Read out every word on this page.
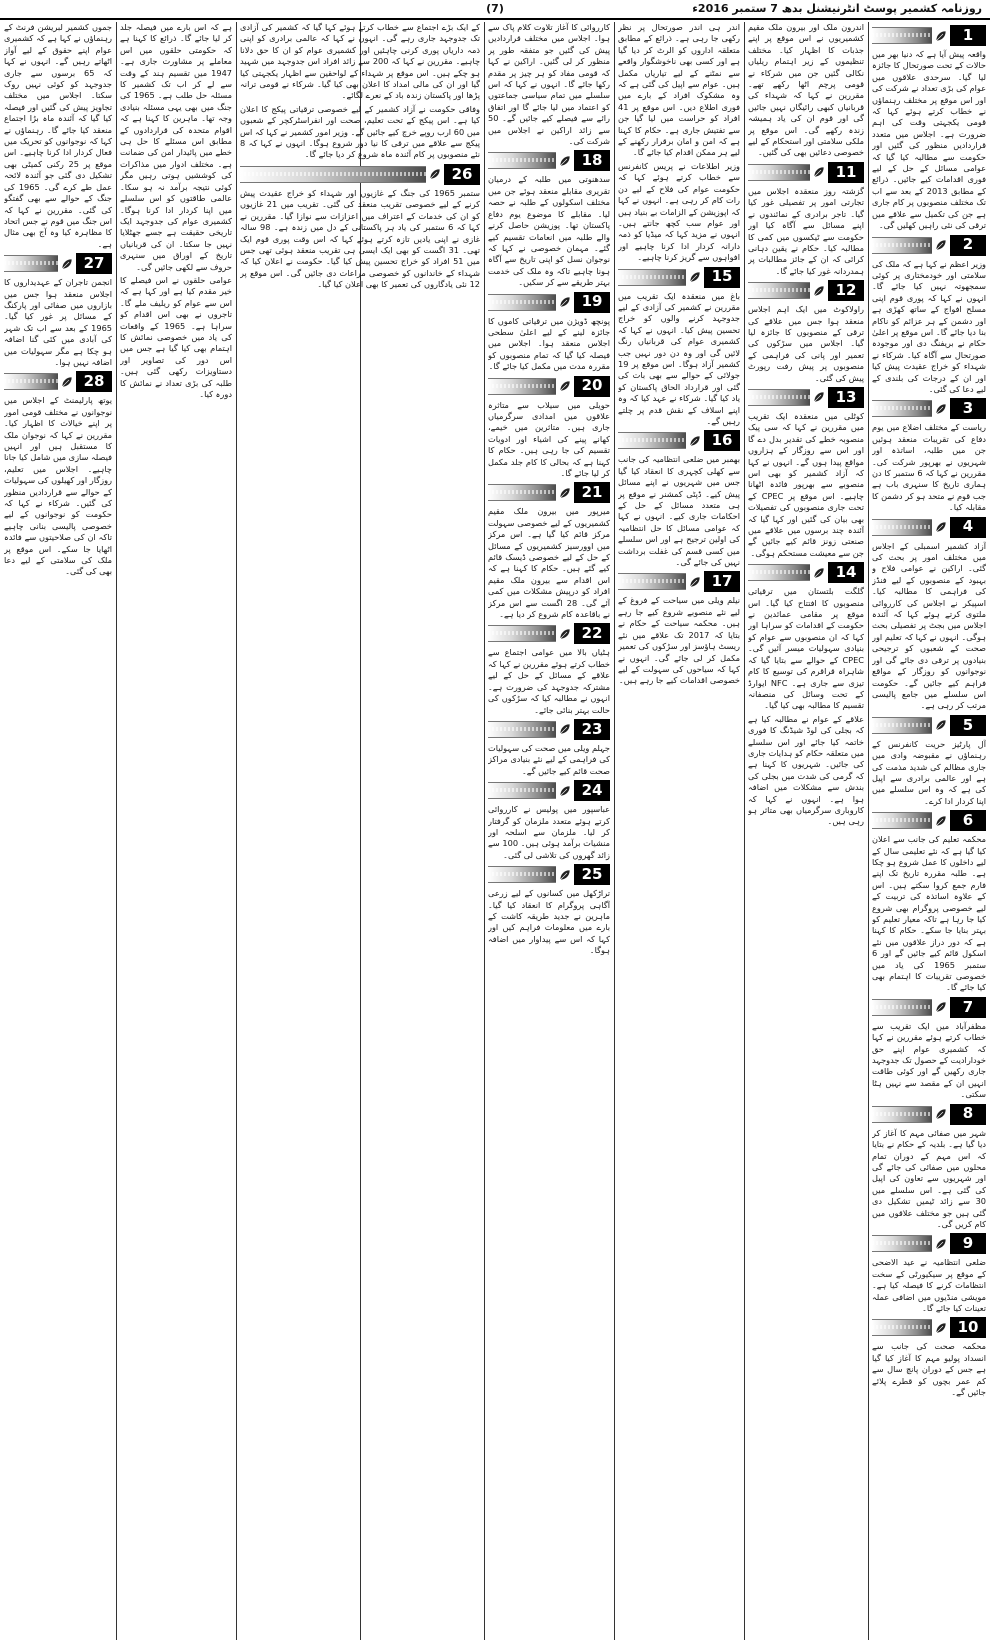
(7)	روزنامہ کشمیر پوسٹ انٹرنیشنل بدھ 7 ستمبر 2016ء
1

واقعہ پیش آیا ہے کہ دنیا بھر میں حالات کے تحت صورتحال کا جائزہ لیا گیا۔ سرحدی علاقوں میں عوام کی بڑی تعداد نے شرکت کی اور اس موقع پر مختلف رہنماؤں نے خطاب کرتے ہوئے کہا کہ قومی یکجہتی وقت کی اہم ضرورت ہے۔ اجلاس میں متعدد قراردادیں منظور کی گئیں اور حکومت سے مطالبہ کیا گیا کہ عوامی مسائل کے حل کے لیے فوری اقدامات کیے جائیں۔ ذرائع کے مطابق 2013 کے بعد سے اب تک مختلف منصوبوں پر کام جاری ہے جن کی تکمیل سے علاقے میں ترقی کی نئی راہیں کھلیں گی۔

2

وزیر اعظم نے کہا ہے کہ ملک کی سلامتی اور خودمختاری پر کوئی سمجھوتہ نہیں کیا جائے گا۔ انہوں نے کہا کہ پوری قوم اپنی مسلح افواج کے ساتھ کھڑی ہے اور دشمن کے ہر عزائم کو ناکام بنا دیا جائے گا۔ اس موقع پر اعلیٰ حکام نے بریفنگ دی اور موجودہ صورتحال سے آگاہ کیا۔ شرکاء نے شہداء کو خراج عقیدت پیش کیا اور ان کے درجات کی بلندی کے لیے دعا کی گئی۔

3

ریاست کے مختلف اضلاع میں یوم دفاع کی تقریبات منعقد ہوئیں جن میں طلبہ، اساتذہ اور شہریوں نے بھرپور شرکت کی۔ مقررین نے کہا کہ 6 ستمبر کا دن ہماری تاریخ کا سنہری باب ہے جب قوم نے متحد ہو کر دشمن کا مقابلہ کیا۔

4

آزاد کشمیر اسمبلی کے اجلاس میں مختلف امور پر بحث کی گئی۔ اراکین نے عوامی فلاح و بہبود کے منصوبوں کے لیے فنڈز کی فراہمی کا مطالبہ کیا۔ اسپیکر نے اجلاس کی کارروائی ملتوی کرتے ہوئے کہا کہ آئندہ اجلاس میں بجٹ پر تفصیلی بحث ہوگی۔ انہوں نے کہا کہ تعلیم اور صحت کے شعبوں کو ترجیحی بنیادوں پر ترقی دی جائے گی اور نوجوانوں کو روزگار کے مواقع فراہم کیے جائیں گے۔ حکومت اس سلسلے میں جامع پالیسی مرتب کر رہی ہے۔

5

آل پارٹیز حریت کانفرنس کے رہنماؤں نے مقبوضہ وادی میں جاری مظالم کی شدید مذمت کی ہے اور عالمی برادری سے اپیل کی ہے کہ وہ اس سلسلے میں اپنا کردار ادا کرے۔

6

محکمہ تعلیم کی جانب سے اعلان کیا گیا ہے کہ نئے تعلیمی سال کے لیے داخلوں کا عمل شروع ہو چکا ہے۔ طلبہ مقررہ تاریخ تک اپنے فارم جمع کروا سکتے ہیں۔ اس کے علاوہ اساتذہ کی تربیت کے لیے خصوصی پروگرام بھی شروع کیا جا رہا ہے تاکہ معیار تعلیم کو بہتر بنایا جا سکے۔ حکام کا کہنا ہے کہ دور دراز علاقوں میں نئے اسکول قائم کیے جائیں گے اور 6 ستمبر 1965 کی یاد میں خصوصی تقریبات کا اہتمام بھی کیا جائے گا۔

7

مظفرآباد میں ایک تقریب سے خطاب کرتے ہوئے مقررین نے کہا کہ کشمیری عوام اپنے حق خودارادیت کے حصول تک جدوجہد جاری رکھیں گے اور کوئی طاقت انہیں ان کے مقصد سے نہیں ہٹا سکتی۔

8

شہر میں صفائی مہم کا آغاز کر دیا گیا ہے۔ بلدیہ کے حکام نے بتایا کہ اس مہم کے دوران تمام محلوں میں صفائی کی جائے گی اور شہریوں سے تعاون کی اپیل کی گئی ہے۔ اس سلسلے میں 30 سے زائد ٹیمیں تشکیل دی گئی ہیں جو مختلف علاقوں میں کام کریں گی۔

9

ضلعی انتظامیہ نے عید الاضحی کے موقع پر سیکیورٹی کے سخت انتظامات کرنے کا فیصلہ کیا ہے۔ مویشی منڈیوں میں اضافی عملہ تعینات کیا جائے گا۔

10

محکمہ صحت کی جانب سے انسداد پولیو مہم کا آغاز کیا گیا ہے جس کے دوران پانچ سال سے کم عمر بچوں کو قطرے پلائے جائیں گے۔

اندرون ملک اور بیرون ملک مقیم کشمیریوں نے اس موقع پر اپنے جذبات کا اظہار کیا۔ مختلف تنظیموں کے زیر اہتمام ریلیاں نکالی گئیں جن میں شرکاء نے قومی پرچم اٹھا رکھے تھے۔ مقررین نے کہا کہ شہداء کی قربانیاں کبھی رائیگاں نہیں جائیں گی اور قوم ان کی یاد ہمیشہ زندہ رکھے گی۔ اس موقع پر ملکی سلامتی اور استحکام کے لیے خصوصی دعائیں بھی کی گئیں۔

11

گزشتہ روز منعقدہ اجلاس میں تجارتی امور پر تفصیلی غور کیا گیا۔ تاجر برادری کے نمائندوں نے اپنے مسائل سے آگاہ کیا اور حکومت سے ٹیکسوں میں کمی کا مطالبہ کیا۔ حکام نے یقین دہانی کرائی کہ ان کے جائز مطالبات پر ہمدردانہ غور کیا جائے گا۔

12

راولاکوٹ میں ایک اہم اجلاس منعقد ہوا جس میں علاقے کی ترقی کے منصوبوں کا جائزہ لیا گیا۔ اجلاس میں سڑکوں کی تعمیر اور پانی کی فراہمی کے منصوبوں پر پیش رفت رپورٹ پیش کی گئی۔

13

کوٹلی میں منعقدہ ایک تقریب میں مقررین نے کہا کہ سی پیک منصوبہ خطے کی تقدیر بدل دے گا اور اس سے روزگار کے ہزاروں مواقع پیدا ہوں گے۔ انہوں نے کہا کہ آزاد کشمیر کو بھی اس منصوبے سے بھرپور فائدہ اٹھانا چاہیے۔ اس موقع پر CPEC کے تحت جاری منصوبوں کی تفصیلات بھی بیان کی گئیں اور کہا گیا کہ آئندہ چند برسوں میں علاقے میں صنعتی زونز قائم کیے جائیں گے جن سے معیشت مستحکم ہوگی۔

14

گلگت بلتستان میں ترقیاتی منصوبوں کا افتتاح کیا گیا۔ اس موقع پر مقامی عمائدین نے حکومت کے اقدامات کو سراہا اور کہا کہ ان منصوبوں سے عوام کو بنیادی سہولیات میسر آئیں گی۔ CPEC کے حوالے سے بتایا گیا کہ شاہراہ قراقرم کی توسیع کا کام تیزی سے جاری ہے۔ NFC ایوارڈ کے تحت وسائل کی منصفانہ تقسیم کا مطالبہ بھی کیا گیا۔

علاقے کے عوام نے مطالبہ کیا ہے کہ بجلی کی لوڈ شیڈنگ کا فوری خاتمہ کیا جائے اور اس سلسلے میں متعلقہ حکام کو ہدایات جاری کی جائیں۔ شہریوں کا کہنا ہے کہ گرمی کی شدت میں بجلی کی بندش سے مشکلات میں اضافہ ہوا ہے۔ انہوں نے کہا کہ کاروباری سرگرمیاں بھی متاثر ہو رہی ہیں۔

اندر ہی اندر صورتحال پر نظر رکھی جا رہی ہے۔ ذرائع کے مطابق متعلقہ اداروں کو الرٹ کر دیا گیا ہے اور کسی بھی ناخوشگوار واقعے سے نمٹنے کے لیے تیاریاں مکمل ہیں۔ عوام سے اپیل کی گئی ہے کہ وہ مشکوک افراد کے بارے میں فوری اطلاع دیں۔ اس موقع پر 41 افراد کو حراست میں لیا گیا جن سے تفتیش جاری ہے۔ حکام کا کہنا ہے کہ امن و امان برقرار رکھنے کے لیے ہر ممکن اقدام کیا جائے گا۔

وزیر اطلاعات نے پریس کانفرنس سے خطاب کرتے ہوئے کہا کہ حکومت عوام کی فلاح کے لیے دن رات کام کر رہی ہے۔ انہوں نے کہا کہ اپوزیشن کے الزامات بے بنیاد ہیں اور عوام سب کچھ جانتے ہیں۔ انہوں نے مزید کہا کہ میڈیا کو ذمہ دارانہ کردار ادا کرنا چاہیے اور افواہوں سے گریز کرنا چاہیے۔

15

باغ میں منعقدہ ایک تقریب میں مقررین نے کشمیر کی آزادی کے لیے جدوجہد کرنے والوں کو خراج تحسین پیش کیا۔ انہوں نے کہا کہ کشمیری عوام کی قربانیاں رنگ لائیں گی اور وہ دن دور نہیں جب کشمیر آزاد ہوگا۔ اس موقع پر 19 جولائی کے حوالے سے بھی بات کی گئی اور قرارداد الحاق پاکستان کو یاد کیا گیا۔ شرکاء نے عہد کیا کہ وہ اپنے اسلاف کے نقش قدم پر چلتے رہیں گے۔

16

بھمبر میں ضلعی انتظامیہ کی جانب سے کھلی کچہری کا انعقاد کیا گیا جس میں شہریوں نے اپنے مسائل پیش کیے۔ ڈپٹی کمشنر نے موقع پر ہی متعدد مسائل کے حل کے احکامات جاری کیے۔ انہوں نے کہا کہ عوامی مسائل کا حل انتظامیہ کی اولین ترجیح ہے اور اس سلسلے میں کسی قسم کی غفلت برداشت نہیں کی جائے گی۔

17

نیلم ویلی میں سیاحت کے فروغ کے لیے نئے منصوبے شروع کیے جا رہے ہیں۔ محکمہ سیاحت کے حکام نے بتایا کہ 2017 تک علاقے میں نئے ریسٹ ہاؤسز اور سڑکوں کی تعمیر مکمل کر لی جائے گی۔ انہوں نے کہا کہ سیاحوں کی سہولت کے لیے خصوصی اقدامات کیے جا رہے ہیں۔

کارروائی کا آغاز تلاوت کلام پاک سے ہوا۔ اجلاس میں مختلف قراردادیں پیش کی گئیں جو متفقہ طور پر منظور کر لی گئیں۔ اراکین نے کہا کہ قومی مفاد کو ہر چیز پر مقدم رکھا جائے گا۔ انہوں نے کہا کہ اس سلسلے میں تمام سیاسی جماعتوں کو اعتماد میں لیا جائے گا اور اتفاق رائے سے فیصلے کیے جائیں گے۔ 50 سے زائد اراکین نے اجلاس میں شرکت کی۔

18

سدھنوتی میں طلبہ کے درمیان تقریری مقابلے منعقد ہوئے جن میں مختلف اسکولوں کے طلبہ نے حصہ لیا۔ مقابلے کا موضوع یوم دفاع پاکستان تھا۔ پوزیشن حاصل کرنے والے طلبہ میں انعامات تقسیم کیے گئے۔ مہمان خصوصی نے کہا کہ نوجوان نسل کو اپنی تاریخ سے آگاہ ہونا چاہیے تاکہ وہ ملک کی خدمت بہتر طریقے سے کر سکیں۔

19

پونچھ ڈویژن میں ترقیاتی کاموں کا جائزہ لینے کے لیے اعلیٰ سطحی اجلاس منعقد ہوا۔ اجلاس میں فیصلہ کیا گیا کہ تمام منصوبوں کو مقررہ مدت میں مکمل کیا جائے گا۔

20

حویلی میں سیلاب سے متاثرہ علاقوں میں امدادی سرگرمیاں جاری ہیں۔ متاثرین میں خیمے، کھانے پینے کی اشیاء اور ادویات تقسیم کی جا رہی ہیں۔ حکام کا کہنا ہے کہ بحالی کا کام جلد مکمل کر لیا جائے گا۔

21

میرپور میں بیرون ملک مقیم کشمیریوں کے لیے خصوصی سہولت مرکز قائم کیا گیا ہے۔ اس مرکز میں اوورسیز کشمیریوں کے مسائل کے حل کے لیے خصوصی ڈیسک قائم کیے گئے ہیں۔ حکام کا کہنا ہے کہ اس اقدام سے بیرون ملک مقیم افراد کو درپیش مشکلات میں کمی آئے گی۔ 28 اگست سے اس مرکز نے باقاعدہ کام شروع کر دیا ہے۔

22

ہٹیاں بالا میں عوامی اجتماع سے خطاب کرتے ہوئے مقررین نے کہا کہ علاقے کے مسائل کے حل کے لیے مشترکہ جدوجہد کی ضرورت ہے۔ انہوں نے مطالبہ کیا کہ سڑکوں کی حالت بہتر بنائی جائے۔

23

جہلم ویلی میں صحت کی سہولیات کی فراہمی کے لیے نئے بنیادی مراکز صحت قائم کیے جائیں گے۔

24

عباسپور میں پولیس نے کارروائی کرتے ہوئے متعدد ملزمان کو گرفتار کر لیا۔ ملزمان سے اسلحہ اور منشیات برآمد ہوئی ہیں۔ 100 سے زائد گھروں کی تلاشی لی گئی۔

25

تراڑکھل میں کسانوں کے لیے زرعی آگاہی پروگرام کا انعقاد کیا گیا۔ ماہرین نے جدید طریقہ کاشت کے بارے میں معلومات فراہم کیں اور کہا کہ اس سے پیداوار میں اضافہ ہوگا۔

کے ایک بڑے اجتماع سے خطاب کرتے ہوئے کہا گیا کہ کشمیر کی آزادی تک جدوجہد جاری رہے گی۔ انہوں نے کہا کہ عالمی برادری کو اپنی ذمہ داریاں پوری کرنی چاہئیں اور کشمیری عوام کو ان کا حق دلانا چاہیے۔ مقررین نے کہا کہ 200 سے زائد افراد اس جدوجہد میں شہید ہو چکے ہیں۔ اس موقع پر شہداء کے لواحقین سے اظہار یکجہتی کیا گیا اور ان کی مالی امداد کا اعلان بھی کیا گیا۔ شرکاء نے قومی ترانہ پڑھا اور پاکستان زندہ باد کے نعرے لگائے۔

وفاقی حکومت نے آزاد کشمیر کے لیے خصوصی ترقیاتی پیکج کا اعلان کیا ہے۔ اس پیکج کے تحت تعلیم، صحت اور انفراسٹرکچر کے شعبوں میں 60 ارب روپے خرچ کیے جائیں گے۔ وزیر امور کشمیر نے کہا کہ اس پیکج سے علاقے میں ترقی کا نیا دور شروع ہوگا۔ انہوں نے کہا کہ 8 نئے منصوبوں پر کام آئندہ ماہ شروع کر دیا جائے گا۔

26

ستمبر 1965 کی جنگ کے غازیوں اور شہداء کو خراج عقیدت پیش کرنے کے لیے خصوصی تقریب منعقد کی گئی۔ تقریب میں 21 غازیوں کو ان کی خدمات کے اعتراف میں اعزازات سے نوازا گیا۔ مقررین نے کہا کہ 6 ستمبر کی یاد ہر پاکستانی کے دل میں زندہ ہے۔ 98 سالہ غازی نے اپنی یادیں تازہ کرتے ہوئے کہا کہ اس وقت پوری قوم ایک تھی۔ 31 اگست کو بھی ایک ایسی ہی تقریب منعقد ہوئی تھی جس میں 51 افراد کو خراج تحسین پیش کیا گیا۔ حکومت نے اعلان کیا کہ شہداء کے خاندانوں کو خصوصی مراعات دی جائیں گی۔ اس موقع پر 12 نئی یادگاروں کی تعمیر کا بھی اعلان کیا گیا۔

ہے کہ اس بارے میں فیصلہ جلد کر لیا جائے گا۔ ذرائع کا کہنا ہے کہ حکومتی حلقوں میں اس معاملے پر مشاورت جاری ہے۔ 1947 میں تقسیم ہند کے وقت سے لے کر اب تک کشمیر کا مسئلہ حل طلب ہے۔ 1965 کی جنگ میں بھی یہی مسئلہ بنیادی وجہ تھا۔ ماہرین کا کہنا ہے کہ اقوام متحدہ کی قراردادوں کے مطابق اس مسئلے کا حل ہی خطے میں پائیدار امن کی ضمانت ہے۔ مختلف ادوار میں مذاکرات کی کوششیں ہوتی رہیں مگر کوئی نتیجہ برآمد نہ ہو سکا۔ عالمی طاقتوں کو اس سلسلے میں اپنا کردار ادا کرنا ہوگا۔ کشمیری عوام کی جدوجہد ایک تاریخی حقیقت ہے جسے جھٹلایا نہیں جا سکتا۔ ان کی قربانیاں تاریخ کے اوراق میں سنہری حروف سے لکھی جائیں گی۔

عوامی حلقوں نے اس فیصلے کا خیر مقدم کیا ہے اور کہا ہے کہ اس سے عوام کو ریلیف ملے گا۔ تاجروں نے بھی اس اقدام کو سراہا ہے۔ 1965 کے واقعات کی یاد میں خصوصی نمائش کا اہتمام بھی کیا گیا ہے جس میں اس دور کی تصاویر اور دستاویزات رکھی گئی ہیں۔ طلبہ کی بڑی تعداد نے نمائش کا دورہ کیا۔

جموں کشمیر لبریشن فرنٹ کے رہنماؤں نے کہا ہے کہ کشمیری عوام اپنے حقوق کے لیے آواز اٹھاتے رہیں گے۔ انہوں نے کہا کہ 65 برسوں سے جاری جدوجہد کو کوئی نہیں روک سکتا۔ اجلاس میں مختلف تجاویز پیش کی گئیں اور فیصلہ کیا گیا کہ آئندہ ماہ بڑا اجتماع منعقد کیا جائے گا۔ رہنماؤں نے کہا کہ نوجوانوں کو تحریک میں فعال کردار ادا کرنا چاہیے۔ اس موقع پر 25 رکنی کمیٹی بھی تشکیل دی گئی جو آئندہ لائحہ عمل طے کرے گی۔ 1965 کی جنگ کے حوالے سے بھی گفتگو کی گئی۔ مقررین نے کہا کہ اس جنگ میں قوم نے جس اتحاد کا مظاہرہ کیا وہ آج بھی مثال ہے۔

27

انجمن تاجران کے عہدیداروں کا اجلاس منعقد ہوا جس میں بازاروں میں صفائی اور پارکنگ کے مسائل پر غور کیا گیا۔ 1965 کے بعد سے اب تک شہر کی آبادی میں کئی گنا اضافہ ہو چکا ہے مگر سہولیات میں اضافہ نہیں ہوا۔

28

یوتھ پارلیمنٹ کے اجلاس میں نوجوانوں نے مختلف قومی امور پر اپنے خیالات کا اظہار کیا۔ مقررین نے کہا کہ نوجوان ملک کا مستقبل ہیں اور انہیں فیصلہ سازی میں شامل کیا جانا چاہیے۔ اجلاس میں تعلیم، روزگار اور کھیلوں کی سہولیات کے حوالے سے قراردادیں منظور کی گئیں۔ شرکاء نے کہا کہ حکومت کو نوجوانوں کے لیے خصوصی پالیسی بنانی چاہیے تاکہ ان کی صلاحیتوں سے فائدہ اٹھایا جا سکے۔ اس موقع پر ملک کی سلامتی کے لیے دعا بھی کی گئی۔
